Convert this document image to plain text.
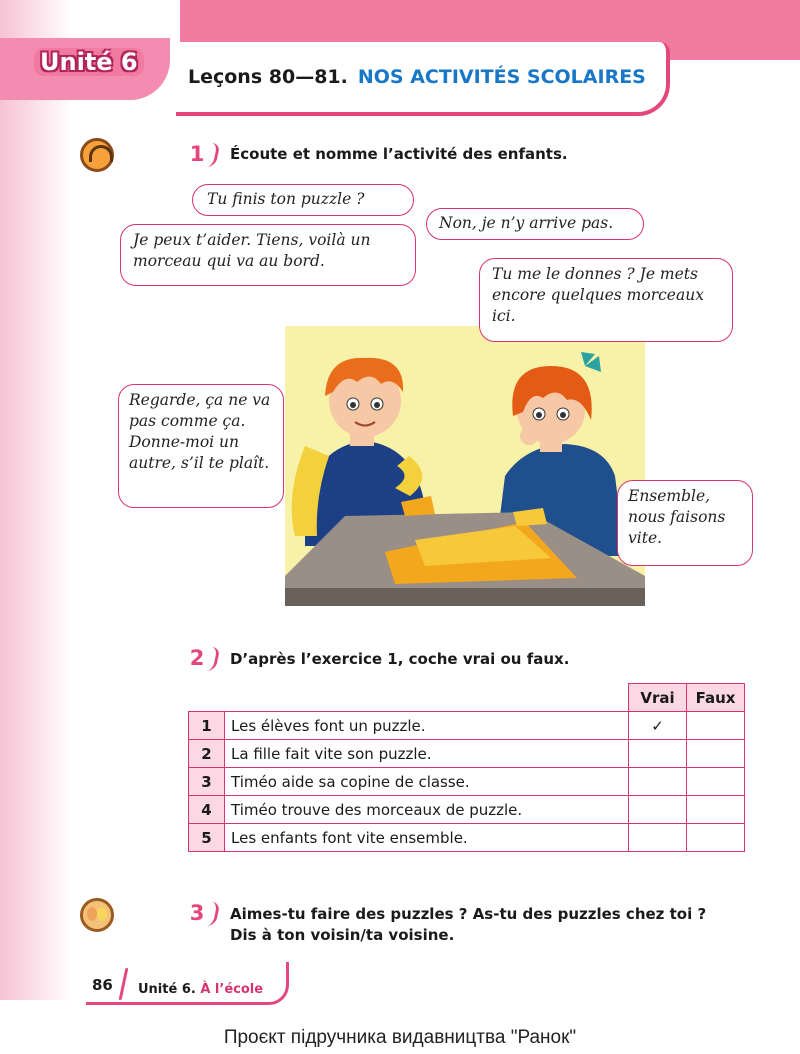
Unité 6
Leçons 80—81. NOS ACTIVITÉS SCOLAIRES
1	Écoute et nomme l’activité des enfants.
Tu finis ton puzzle ?
Je peux t’aider. Tiens, voilà un morceau qui va au bord.
Non, je n’y arrive pas.
Tu me le donnes ? Je mets encore quelques morceaux ici.
Regarde, ça ne va pas comme ça. Donne-moi un autre, s’il te plaît.
Ensemble, nous faisons vite.
2	D’après l’exercice 1, coche vrai ou faux.
		Vrai	Faux
1	Les élèves font un puzzle.	✓	
2	La fille fait vite son puzzle.		
3	Timéo aide sa copine de classe.		
4	Timéo trouve des morceaux de puzzle.		
5	Les enfants font vite ensemble.		
3	Aimes-tu faire des puzzles ? As-tu des puzzles chez toi ?
Dis à ton voisin/ta voisine.
86 Unité 6. À l’école
Проєкт підручника видавництва "Ранок"
